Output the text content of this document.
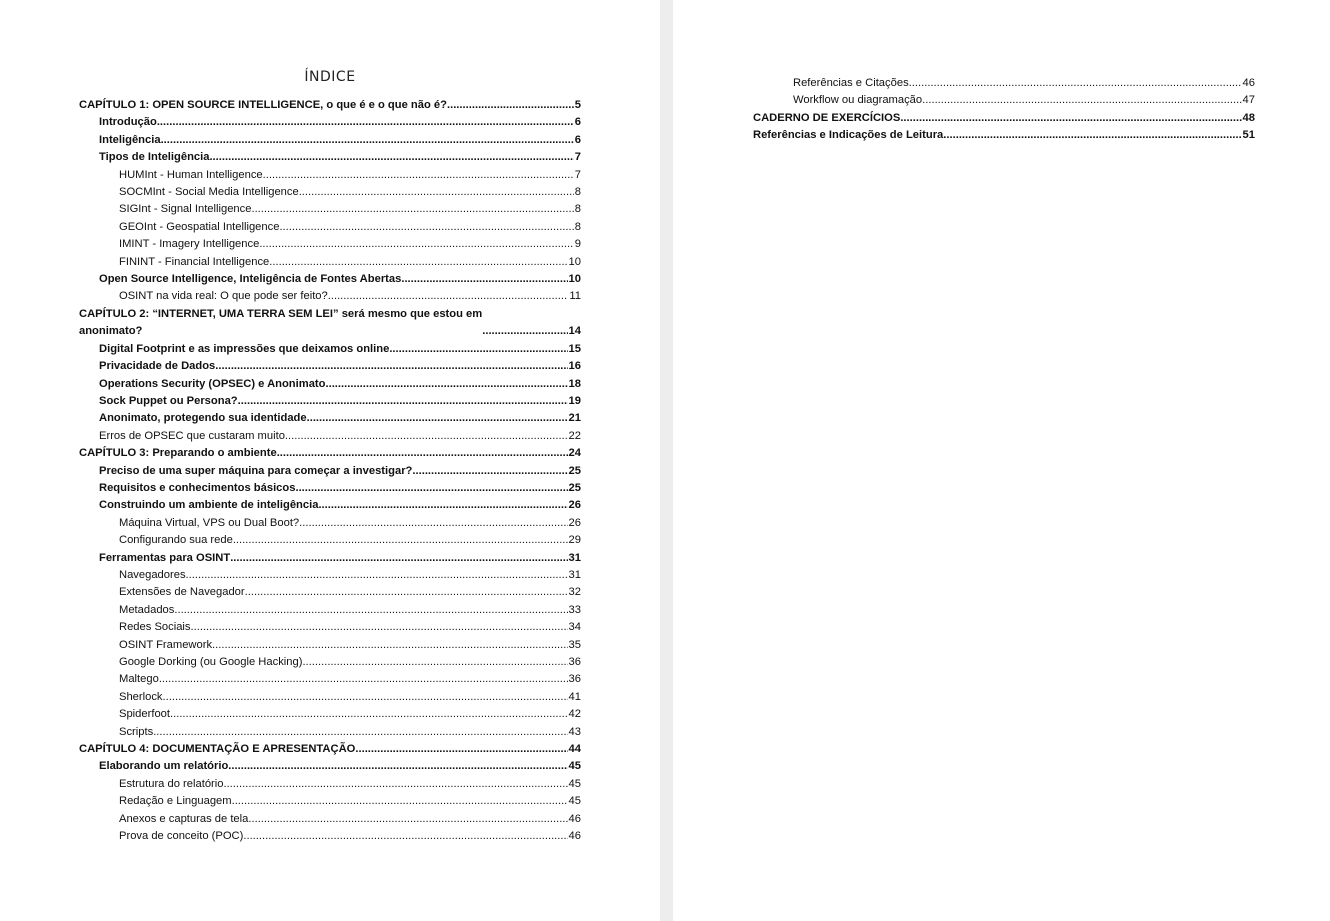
ÍNDICE
CAPÍTULO 1: OPEN SOURCE INTELLIGENCE, o que é e o que não é? .....	5
Introdução .....	6
Inteligência .....	6
Tipos de Inteligência .....	7
HUMInt - Human Intelligence .....	7
SOCMInt - Social Media Intelligence .....	8
SIGInt - Signal Intelligence .....	8
GEOInt - Geospatial Intelligence .....	8
IMINT - Imagery Intelligence .....	9
FININT - Financial Intelligence .....	10
Open Source Intelligence, Inteligência de Fontes Abertas .....	10
OSINT na vida real: O que pode ser feito? .....	11
CAPÍTULO 2: “INTERNET, UMA TERRA SEM LEI” será mesmo que estou em
anonimato? .....	14
Digital Footprint e as impressões que deixamos online .....	15
Privacidade de Dados .....	16
Operations Security (OPSEC) e Anonimato .....	18
Sock Puppet ou Persona? .....	19
Anonimato, protegendo sua identidade .....	21
Erros de OPSEC que custaram muito .....	22
CAPÍTULO 3: Preparando o ambiente .....	24
Preciso de uma super máquina para começar a investigar? .....	25
Requisitos e conhecimentos básicos .....	25
Construindo um ambiente de inteligência .....	26
Máquina Virtual, VPS ou Dual Boot? .....	26
Configurando sua rede .....	29
Ferramentas para OSINT .....	31
Navegadores .....	31
Extensões de Navegador .....	32
Metadados .....	33
Redes Sociais .....	34
OSINT Framework .....	35
Google Dorking (ou Google Hacking) .....	36
Maltego .....	36
Sherlock .....	41
Spiderfoot .....	42
Scripts .....	43
CAPÍTULO 4: DOCUMENTAÇÃO E APRESENTAÇÃO .....	44
Elaborando um relatório .....	45
Estrutura do relatório .....	45
Redação e Linguagem .....	45
Anexos e capturas de tela .....	46
Prova de conceito (POC) .....	46
Referências e Citações .....	46
Workflow ou diagramação .....	47
CADERNO DE EXERCÍCIOS .....	48
Referências e Indicações de Leitura .....	51
